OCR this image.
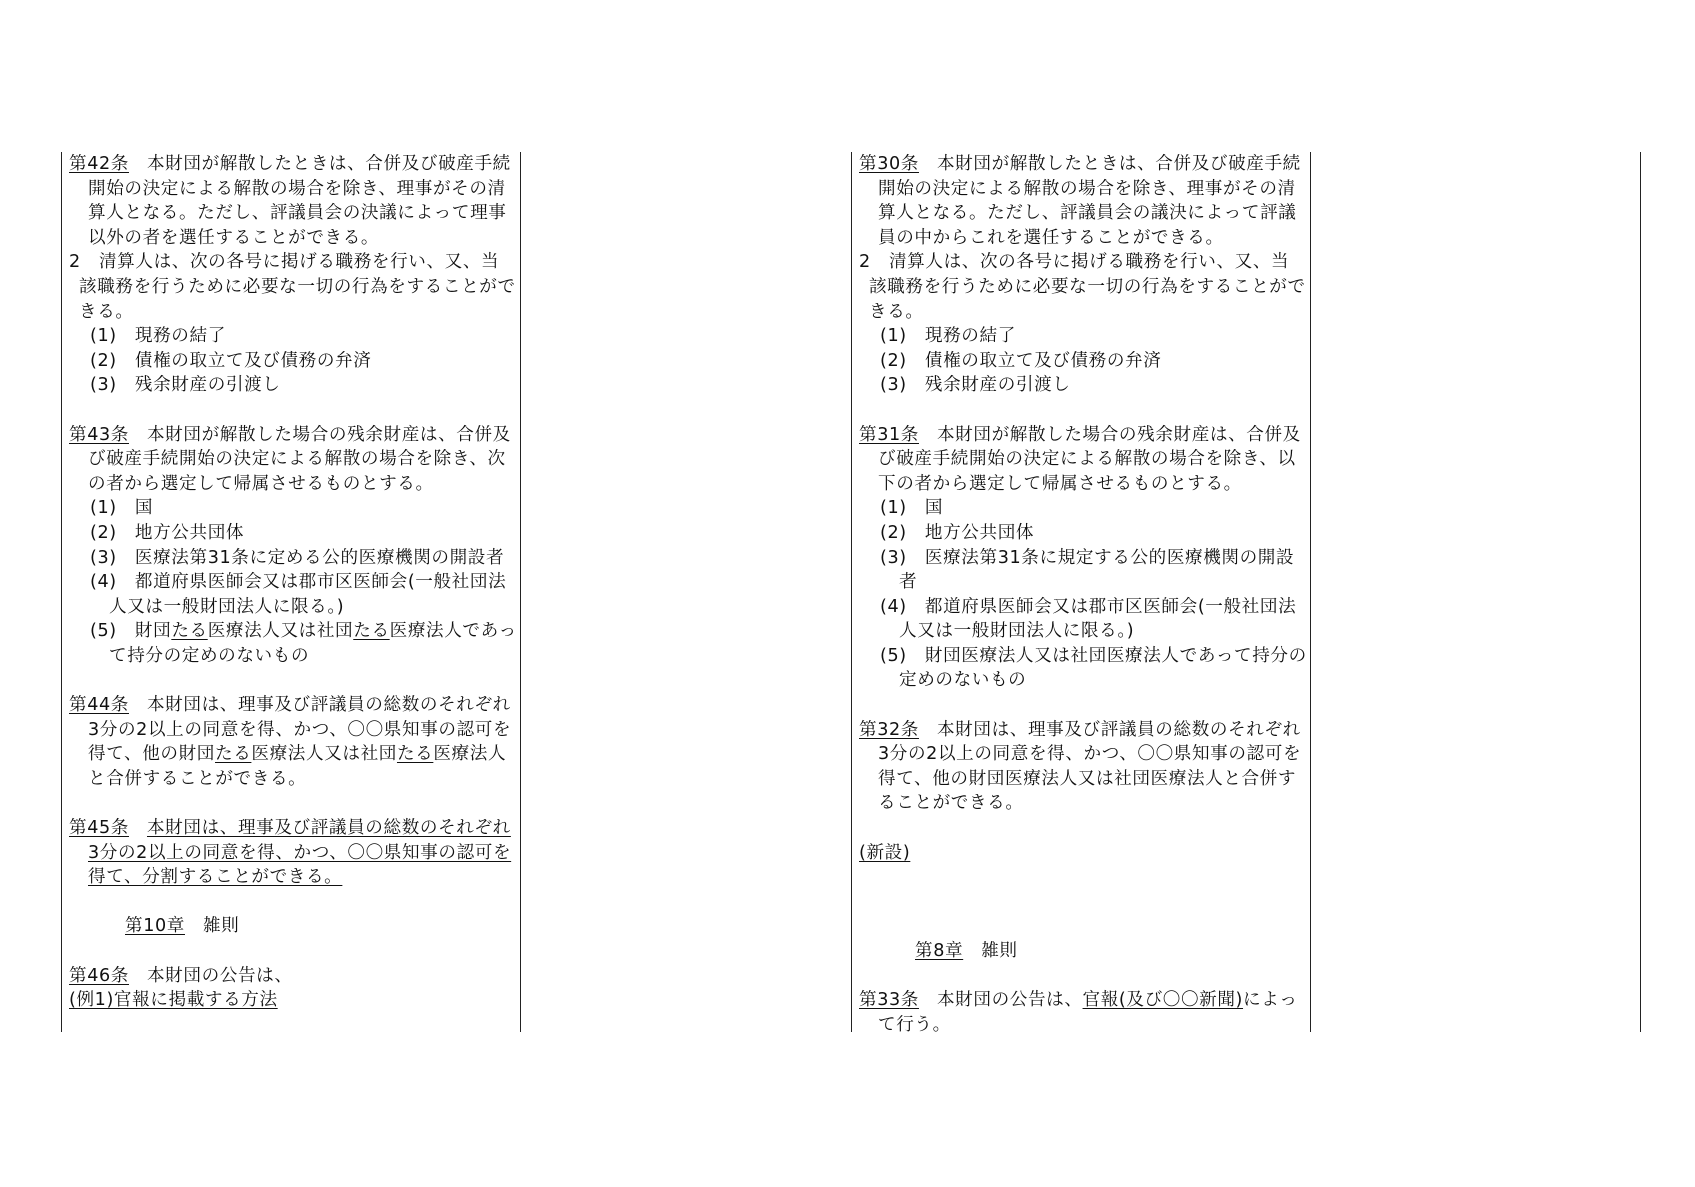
第42条 本財団が解散したときは、合併及び破産手続開始の決定による解散の場合を除き、理事がその清算人となる。ただし、評議員会の決議によって理事以外の者を選任することができる。

2　清算人は、次の各号に掲げる職務を行い、又、当該職務を行うために必要な一切の行為をすることができる。

(1)　現務の結了

(2)　債権の取立て及び債務の弁済

(3)　残余財産の引渡し

第43条 本財団が解散した場合の残余財産は、合併及び破産手続開始の決定による解散の場合を除き、次の者から選定して帰属させるものとする。

(1)　国

(2)　地方公共団体

(3)　医療法第31条に定める公的医療機関の開設者

(4)　都道府県医師会又は郡市区医師会(一般社団法人又は一般財団法人に限る。)

(5)　財団たる医療法人又は社団たる医療法人であって持分の定めのないもの

第44条 本財団は、理事及び評議員の総数のそれぞれ3分の2以上の同意を得、かつ、〇〇県知事の認可を得て、他の財団たる医療法人又は社団たる医療法人と合併することができる。

第45条 本財団は、理事及び評議員の総数のそれぞれ3分の2以上の同意を得、かつ、〇〇県知事の認可を得て、分割することができる。

第10章 雑則

第46条 本財団の公告は、

(例1)官報に掲載する方法

第30条 本財団が解散したときは、合併及び破産手続開始の決定による解散の場合を除き、理事がその清算人となる。ただし、評議員会の議決によって評議員の中からこれを選任することができる。

2　清算人は、次の各号に掲げる職務を行い、又、当該職務を行うために必要な一切の行為をすることができる。

(1)　現務の結了

(2)　債権の取立て及び債務の弁済

(3)　残余財産の引渡し

第31条 本財団が解散した場合の残余財産は、合併及び破産手続開始の決定による解散の場合を除き、以下の者から選定して帰属させるものとする。

(1)　国

(2)　地方公共団体

(3)　医療法第31条に規定する公的医療機関の開設者

(4)　都道府県医師会又は郡市区医師会(一般社団法人又は一般財団法人に限る。)

(5)　財団医療法人又は社団医療法人であって持分の定めのないもの

第32条 本財団は、理事及び評議員の総数のそれぞれ3分の2以上の同意を得、かつ、〇〇県知事の認可を得て、他の財団医療法人又は社団医療法人と合併することができる。

(新設)

第8章 雑則

第33条 本財団の公告は、官報(及び〇〇新聞)によって行う。
